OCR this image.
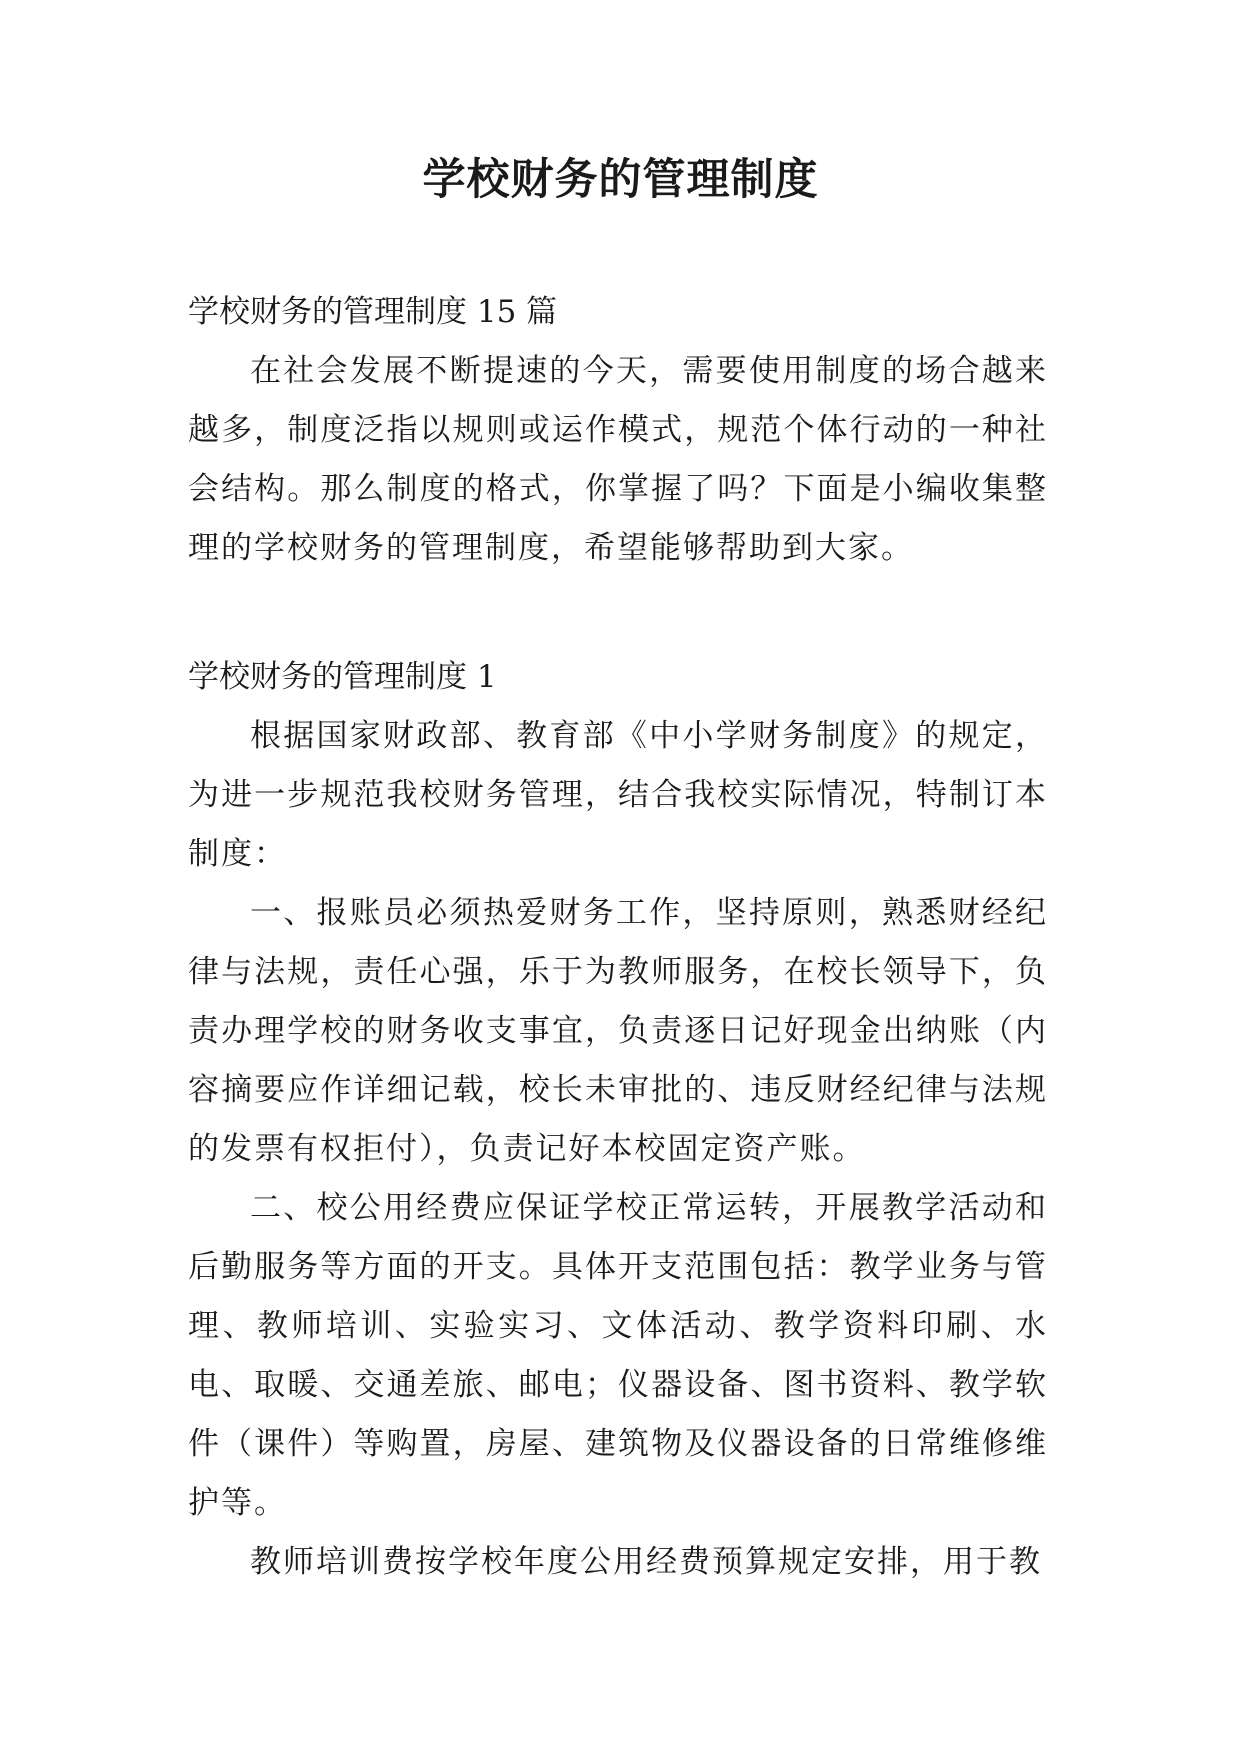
学校财务的管理制度

学校财务的管理制度 15 篇

在社会发展不断提速的今天，需要使用制度的场合越来越多，制度泛指以规则或运作模式，规范个体行动的一种社会结构。那么制度的格式，你掌握了吗？下面是小编收集整理的学校财务的管理制度，希望能够帮助到大家。

学校财务的管理制度 1

根据国家财政部、教育部《中小学财务制度》的规定，为进一步规范我校财务管理，结合我校实际情况，特制订本制度：

一、报账员必须热爱财务工作，坚持原则，熟悉财经纪律与法规，责任心强，乐于为教师服务，在校长领导下，负责办理学校的财务收支事宜，负责逐日记好现金出纳账（内容摘要应作详细记载，校长未审批的、违反财经纪律与法规的发票有权拒付），负责记好本校固定资产账。

二、校公用经费应保证学校正常运转，开展教学活动和后勤服务等方面的开支。具体开支范围包括：教学业务与管理、教师培训、实验实习、文体活动、教学资料印刷、水电、取暖、交通差旅、邮电；仪器设备、图书资料、教学软件（课件）等购置，房屋、建筑物及仪器设备的日常维修维护等。

教师培训费按学校年度公用经费预算规定安排，用于教
